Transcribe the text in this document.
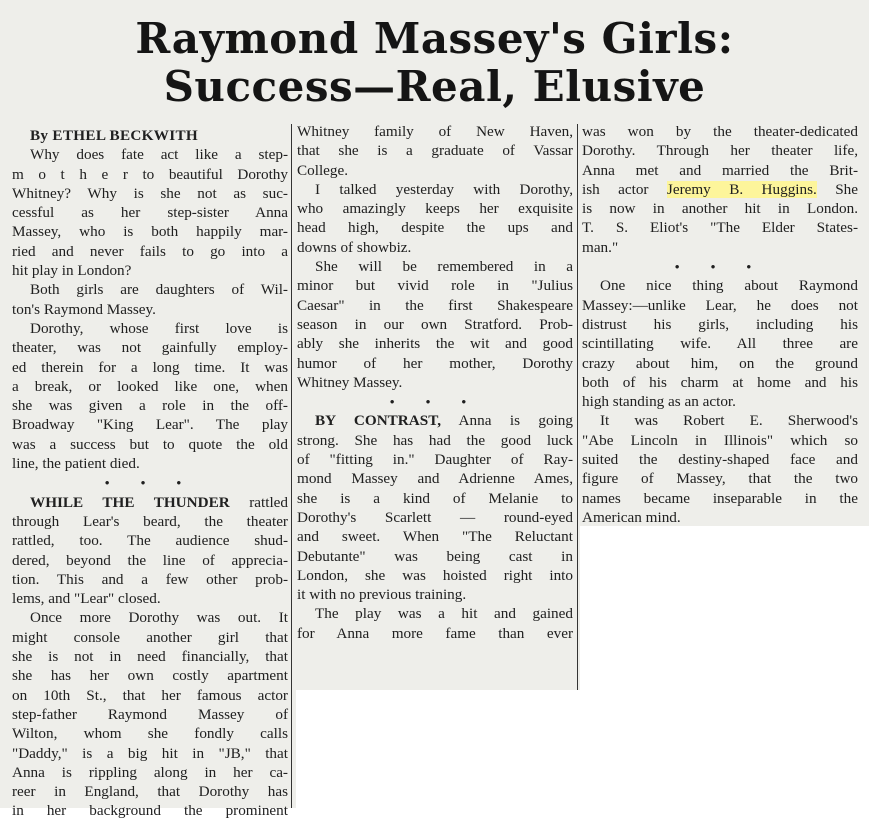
Raymond Massey's Girls:
Success—Real, Elusive
By ETHEL BECKWITH
Why does fate act like a step-
m o t h e r to beautiful Dorothy
Whitney? Why is she not as suc-
cessful as her step-sister Anna
Massey, who is both happily mar-
ried and never fails to go into a
hit play in London?
Both girls are daughters of Wil-
ton's Raymond Massey.
Dorothy, whose first love is
theater, was not gainfully employ-
ed therein for a long time. It was
a break, or looked like one, when
she was given a role in the off-
Broadway "King Lear". The play
was a success but to quote the old
line, the patient died.
• • •
WHILE THE THUNDER rattled
through Lear's beard, the theater
rattled, too. The audience shud-
dered, beyond the line of apprecia-
tion. This and a few other prob-
lems, and "Lear" closed.
Once more Dorothy was out. It
might console another girl that
she is not in need financially, that
she has her own costly apartment
on 10th St., that her famous actor
step-father Raymond Massey of
Wilton, whom she fondly calls
"Daddy," is a big hit in "JB," that
Anna is rippling along in her ca-
reer in England, that Dorothy has
in her background the prominent
Whitney family of New Haven,
that she is a graduate of Vassar
College.
I talked yesterday with Dorothy,
who amazingly keeps her exquisite
head high, despite the ups and
downs of showbiz.
She will be remembered in a
minor but vivid role in "Julius
Caesar" in the first Shakespeare
season in our own Stratford. Prob-
ably she inherits the wit and good
humor of her mother, Dorothy
Whitney Massey.
• • •
BY CONTRAST, Anna is going
strong. She has had the good luck
of "fitting in." Daughter of Ray-
mond Massey and Adrienne Ames,
she is a kind of Melanie to
Dorothy's Scarlett — round-eyed
and sweet. When "The Reluctant
Debutante" was being cast in
London, she was hoisted right into
it with no previous training.
The play was a hit and gained
for Anna more fame than ever
was won by the theater-dedicated
Dorothy. Through her theater life,
Anna met and married the Brit-
ish actor Jeremy B. Huggins. She
is now in another hit in London.
T. S. Eliot's "The Elder States-
man."
• • •
One nice thing about Raymond
Massey:—unlike Lear, he does not
distrust his girls, including his
scintillating wife. All three are
crazy about him, on the ground
both of his charm at home and his
high standing as an actor.
It was Robert E. Sherwood's
"Abe Lincoln in Illinois" which so
suited the destiny-shaped face and
figure of Massey, that the two
names became inseparable in the
American mind.
